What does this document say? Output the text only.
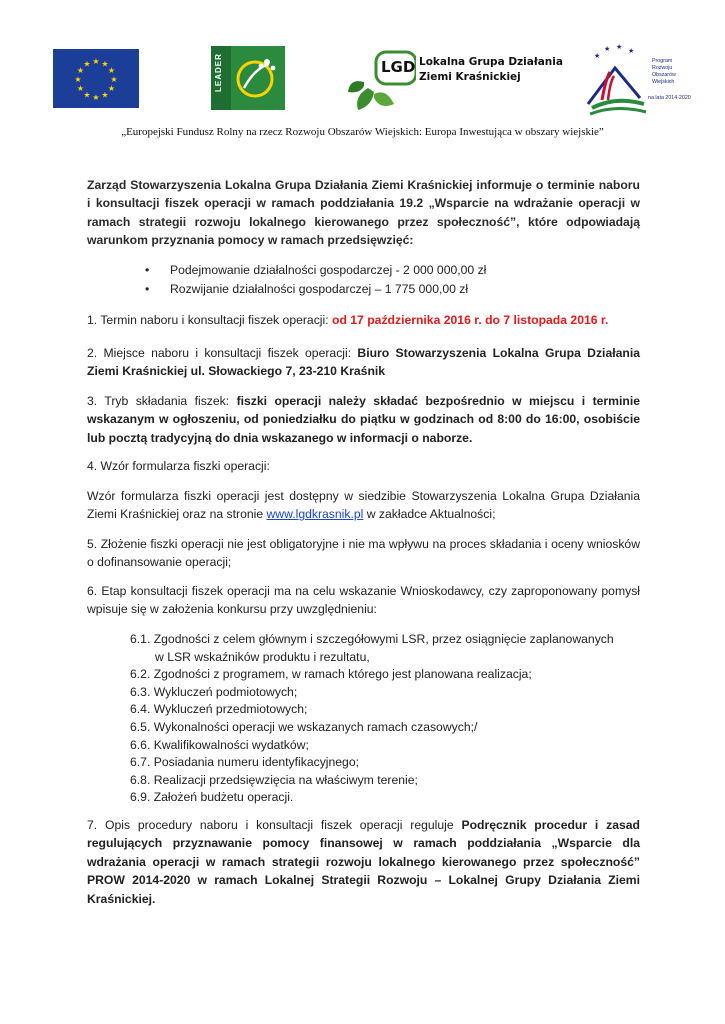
★ ★
★
★
★
★
★
★
★
★
★
★	LEADER	LGD Lokalna Grupa Działania
Ziemi Kraśnickiej
★
★ ★ ★
Program
Rozwoju
Obszarów
Wiejskich
na lata 2014-2020
„Europejski Fundusz Rolny na rzecz Rozwoju Obszarów Wiejskich: Europa Inwestująca w obszary wiejskie”

Zarząd Stowarzyszenia Lokalna Grupa Działania Ziemi Kraśnickiej informuje o terminie naboru i konsultacji fiszek operacji w ramach poddziałania 19.2 „Wsparcie na wdrażanie operacji w ramach strategii rozwoju lokalnego kierowanego przez społeczność”, które odpowiadają warunkom przyznania pomocy w ramach przedsięwzięć:

• Podejmowanie działalności gospodarczej - 2 000 000,00 zł
• Rozwijanie działalności gospodarczej – 1 775 000,00 zł

1. Termin naboru i konsultacji fiszek operacji: od 17 października 2016 r. do 7 listopada 2016 r.

2. Miejsce naboru i konsultacji fiszek operacji: Biuro Stowarzyszenia Lokalna Grupa Działania Ziemi Kraśnickiej ul. Słowackiego 7, 23-210 Kraśnik

3. Tryb składania fiszek: fiszki operacji należy składać bezpośrednio w miejscu i terminie wskazanym w ogłoszeniu, od poniedziałku do piątku w godzinach od 8:00 do 16:00, osobiście lub pocztą tradycyjną do dnia wskazanego w informacji o naborze.

4. Wzór formularza fiszki operacji:

Wzór formularza fiszki operacji jest dostępny w siedzibie Stowarzyszenia Lokalna Grupa Działania Ziemi Kraśnickiej oraz na stronie www.lgdkrasnik.pl w zakładce Aktualności;

5. Złożenie fiszki operacji nie jest obligatoryjne i nie ma wpływu na proces składania i oceny wniosków o dofinansowanie operacji;

6. Etap konsultacji fiszek operacji ma na celu wskazanie Wnioskodawcy, czy zaproponowany pomysł wpisuje się w założenia konkursu przy uwzględnieniu:

6.1. Zgodności z celem głównym i szczegółowymi LSR, przez osiągnięcie zaplanowanych
w LSR wskaźników produktu i rezultatu,
6.2. Zgodności z programem, w ramach którego jest planowana realizacja;
6.3. Wykluczeń podmiotowych;
6.4. Wykluczeń przedmiotowych;
6.5. Wykonalności operacji we wskazanych ramach czasowych;/
6.6. Kwalifikowalności wydatków;
6.7. Posiadania numeru identyfikacyjnego;
6.8. Realizacji przedsięwzięcia na właściwym terenie;
6.9. Założeń budżetu operacji.

7. Opis procedury naboru i konsultacji fiszek operacji reguluje Podręcznik procedur i zasad regulujących przyznawanie pomocy finansowej w ramach poddziałania „Wsparcie dla wdrażania operacji w ramach strategii rozwoju lokalnego kierowanego przez społeczność” PROW 2014-2020 w ramach Lokalnej Strategii Rozwoju – Lokalnej Grupy Działania Ziemi Kraśnickiej.
